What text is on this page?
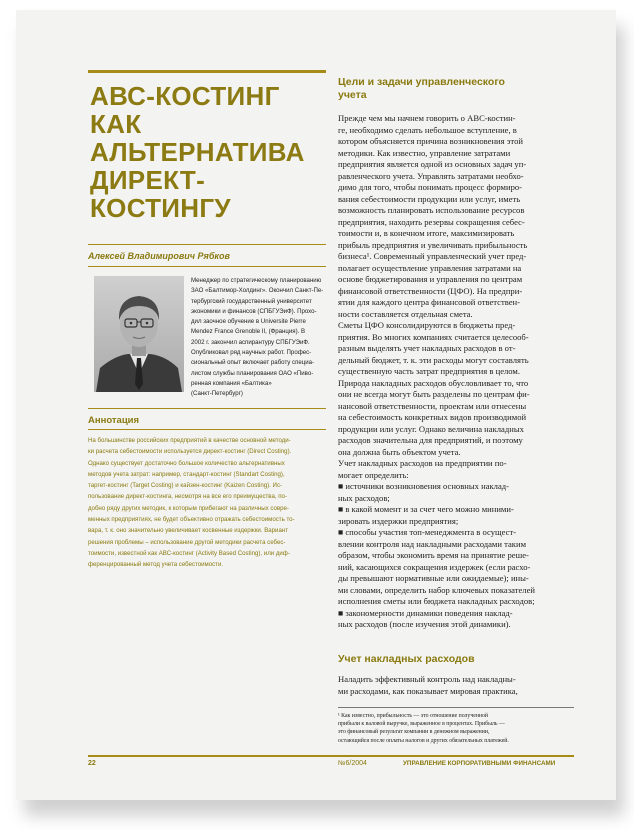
АВС-КОСТИНГ
КАК
АЛЬТЕРНАТИВА
ДИРЕКТ-
КОСТИНГУ
Алексей Владимирович Рябков
Менеджер по стратегическому планированию
ЗАО «Балтимор-Холдинг». Окончил Санкт-Пе-
тербургский государственный университет
экономики и финансов (СПБГУЭиФ). Прохо-
дил заочное обучение в Universite Pierre
Mendez France Grenoble II, (Франция). В
2002 г. закончил аспирантуру СПБГУЭиФ.
Опубликовал ряд научных работ. Профес-
сиональный опыт включает работу специа-
листом службы планирования ОАО «Пиво-
ренная компания «Балтика»
(Санкт-Петербург)
Аннотация
На большинстве российских предприятий в качестве основной методи-
ки расчета себестоимости используется директ-костинг (Direct Costing).
Однако существует достаточно большое количество альтернативных
методов учета затрат: например, стандарт-костинг (Standart Costing),
таргет-костинг (Target Costing) и кайзен-костинг (Kaizen Costing). Ис-
пользование директ-костинга, несмотря на все его преимущества, по-
добно ряду других методик, к которым прибегают на различных совре-
менных предприятиях, не будет объективно отражать себестоимость то-
вара, т. к. оно значительно увеличивает косвенные издержки. Вариант
решения проблемы – использование другой методики расчета себес-
тоимости, известной как АВС-костинг (Activity Based Costing), или диф-
ференцированный метод учета себестоимости.
Цели и задачи управленческого
учета
Прежде чем мы начнем говорить о АВС-костин-
ге, необходимо сделать небольшое вступление, в
котором объясняется причина возникновения этой
методики. Как известно, управление затратами
предприятия является одной из основных задач уп-
равленческого учета. Управлять затратами необхо-
димо для того, чтобы понимать процесс формиро-
вания себестоимости продукции или услуг, иметь
возможность планировать использование ресурсов
предприятия, находить резервы сокращения себес-
тоимости и, в конечном итоге, максимизировать
прибыль предприятия и увеличивать прибыльность
бизнеса¹. Современный управленческий учет пред-
полагает осуществление управления затратами на
основе бюджетирования и управления по центрам
финансовой ответственности (ЦФО). На предпри-
ятии для каждого центра финансовой ответствен-
ности составляется отдельная смета.
Сметы ЦФО консолидируются в бюджеты пред-
приятия. Во многих компаниях считается целесооб-
разным выделять учет накладных расходов в от-
дельный бюджет, т. к. эти расходы могут составлять
существенную часть затрат предприятия в целом.
Природа накладных расходов обусловливает то, что
они не всегда могут быть разделены по центрам фи-
нансовой ответственности, проектам или отнесены
на себестоимость конкретных видов производимой
продукции или услуг. Однако величина накладных
расходов значительна для предприятий, и поэтому
она должна быть объектом учета.
Учет накладных расходов на предприятии по-
могает определить:
■ источники возникновения основных наклад-
ных расходов;
■ в какой момент и за счет чего можно миними-
зировать издержки предприятия;
■ способы участия топ-менеджмента в осущест-
влении контроля над накладными расходами таким
образом, чтобы экономить время на принятие реше-
ний, касающихся сокращения издержек (если расхо-
ды превышают нормативные или ожидаемые); ины-
ми словами, определить набор ключевых показателей
исполнения сметы или бюджета накладных расходов;
■ закономерности динамики поведения наклад-
ных расходов (после изучения этой динамики).
Учет накладных расходов
Наладить эффективный контроль над накладны-
ми расходами, как показывает мировая практика,
¹ Как известно, прибыльность — это отношение полученной
прибыли к валовой выручке, выраженное в процентах. Прибыль —
это финансовый результат компании в денежном выражении,
остающийся после оплаты налогов и других обязательных платежей.
22	№6/2004	УПРАВЛЕНИЕ КОРПОРАТИВНЫМИ ФИНАНСАМИ
